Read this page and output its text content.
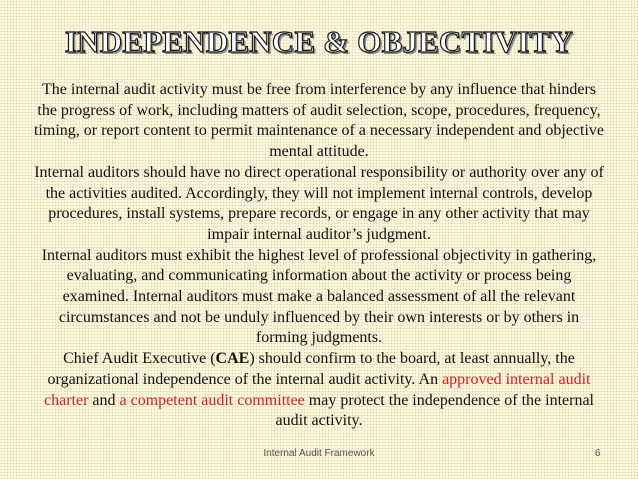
INDEPENDENCE & OBJECTIVITY

The internal audit activity must be free from interference by any influence that hinders the progress of work, including matters of audit selection, scope, procedures, frequency, timing, or report content to permit maintenance of a necessary independent and objective mental attitude.

Internal auditors should have no direct operational responsibility or authority over any of the activities audited. Accordingly, they will not implement internal controls, develop procedures, install systems, prepare records, or engage in any other activity that may impair internal auditor’s judgment.

Internal auditors must exhibit the highest level of professional objectivity in gathering, evaluating, and communicating information about the activity or process being examined. Internal auditors must make a balanced assessment of all the relevant circumstances and not be unduly influenced by their own interests or by others in forming judgments.

Chief Audit Executive (CAE) should confirm to the board, at least annually, the organizational independence of the internal audit activity. An approved internal audit charter and a competent audit committee may protect the independence of the internal audit activity.

Internal Audit Framework	6
